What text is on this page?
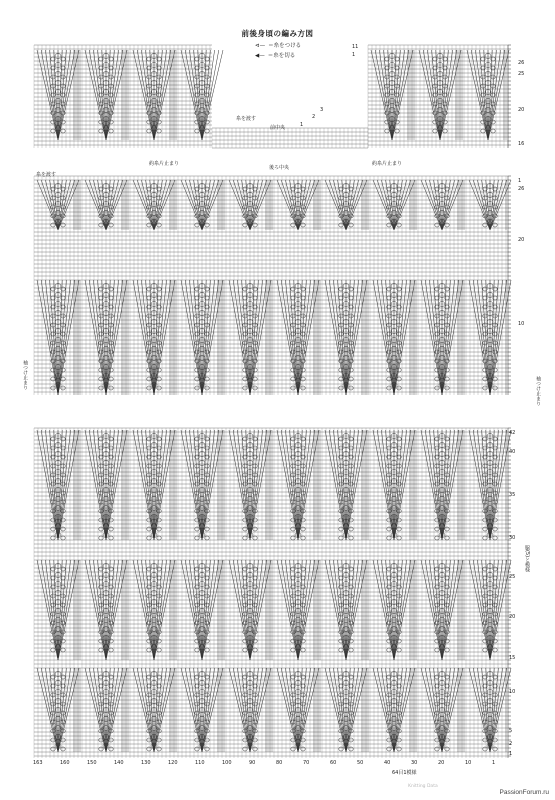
前後身頃の編み方図
⊲— ＝糸をつける
◀— ＝糸を切る
糸を渡す
前中央
2
1
3
11
1
26
25
20
16
糸を渡す
約糸片止まり
後ろ中央
約糸片止まり
1
26
20
10
袖つけ止まり
42
40
35
30
25
20
15
10
5
2
1
脇(5)と模様
袖つけ止まり
163	160	150	140	130	120	110	100	90	80	70	60	50	40	30	20	10	1
64目1模様
Knitting Data
PassionForum.ru
